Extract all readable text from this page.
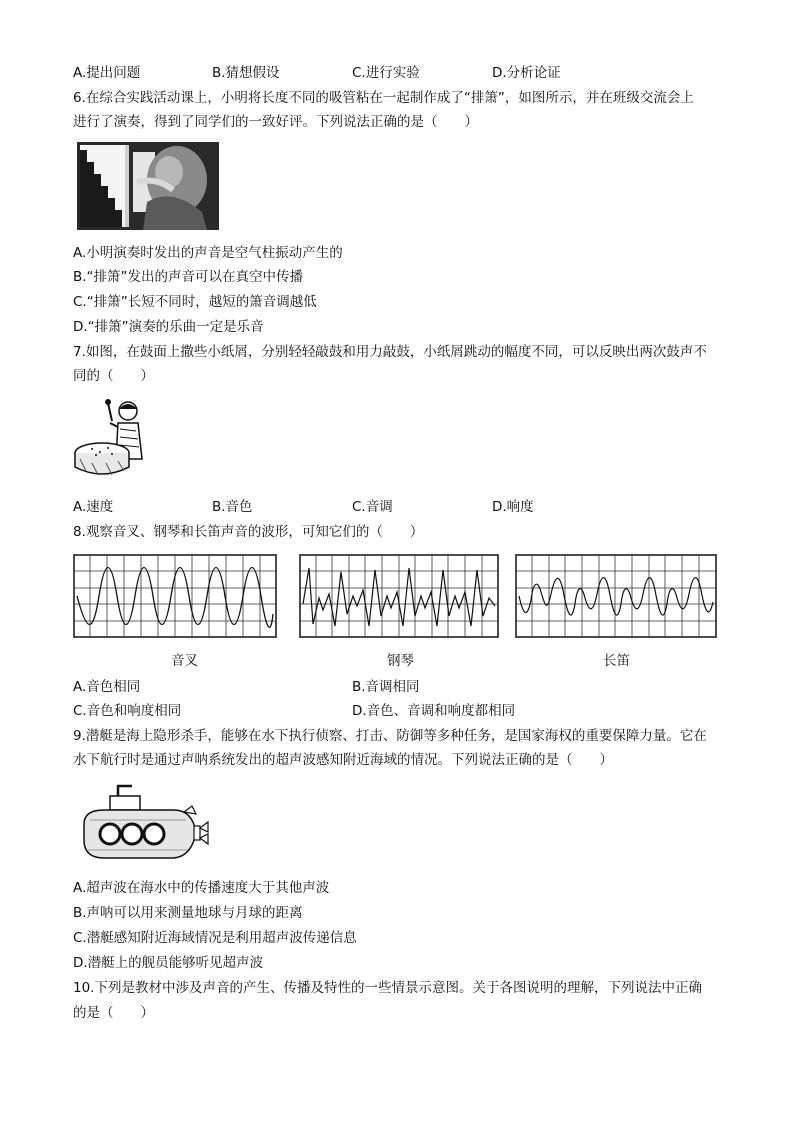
A.提出问题	B.猜想假设	C.进行实验	D.分析论证
6.在综合实践活动课上，小明将长度不同的吸管粘在一起制作成了“排箫”，如图所示，并在班级交流会上
进行了演奏，得到了同学们的一致好评。下列说法正确的是（　　）
A.小明演奏时发出的声音是空气柱振动产生的
B.“排箫”发出的声音可以在真空中传播
C.“排箫”长短不同时，越短的箫音调越低
D.“排箫”演奏的乐曲一定是乐音
7.如图，在鼓面上撒些小纸屑，分别轻轻敲鼓和用力敲鼓，小纸屑跳动的幅度不同，可以反映出两次鼓声不
同的（　　）
A.速度	B.音色	C.音调	D.响度
8.观察音叉、钢琴和长笛声音的波形，可知它们的（　　）
音叉	钢琴	长笛
A.音色相同	B.音调相同
C.音色和响度相同	D.音色、音调和响度都相同
9.潜艇是海上隐形杀手，能够在水下执行侦察、打击、防御等多种任务，是国家海权的重要保障力量。它在
水下航行时是通过声呐系统发出的超声波感知附近海域的情况。下列说法正确的是（　　）
A.超声波在海水中的传播速度大于其他声波
B.声呐可以用来测量地球与月球的距离
C.潜艇感知附近海域情况是利用超声波传递信息
D.潜艇上的舰员能够听见超声波
10.下列是教材中涉及声音的产生、传播及特性的一些情景示意图。关于各图说明的理解，下列说法中正确
的是（　　）
